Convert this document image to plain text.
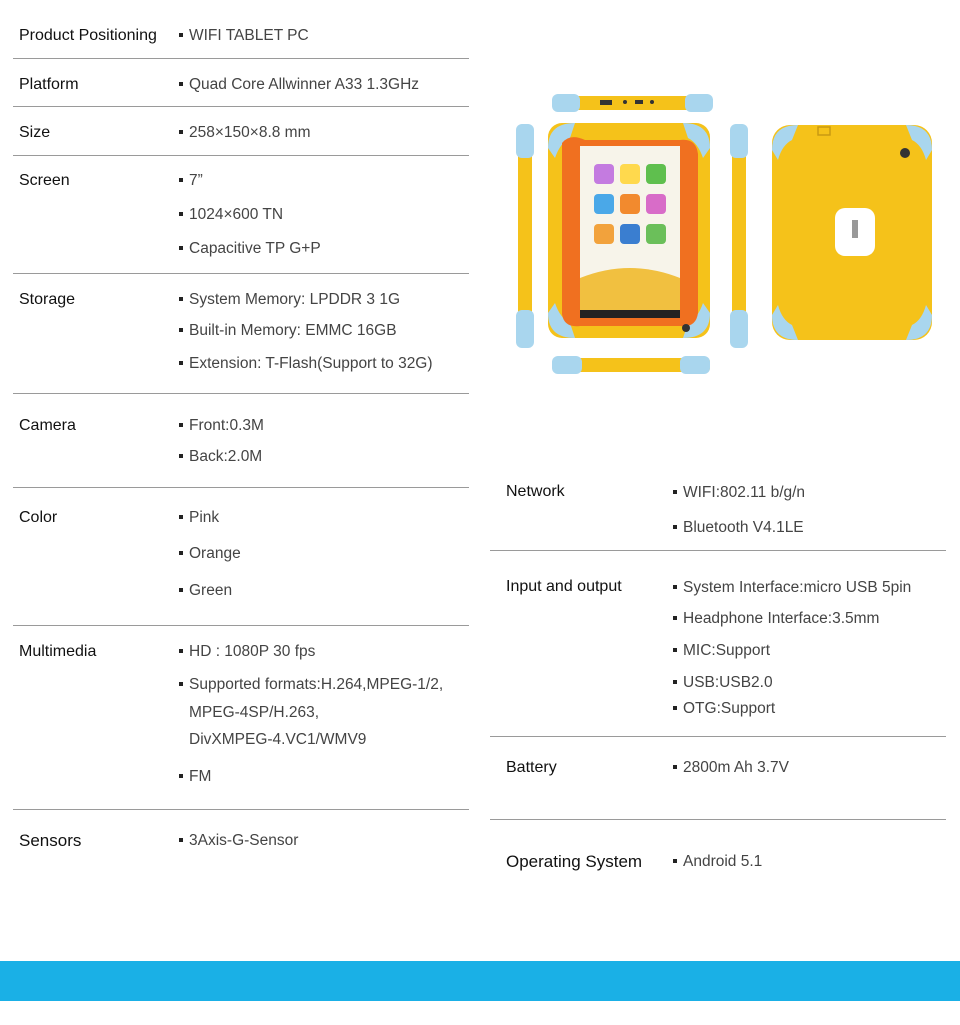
Product Positioning	WIFI TABLET PC
Platform	Quad Core Allwinner A33 1.3GHz
Size	258×150×8.8 mm
Screen	7”
1024×600 TN
Capacitive TP G+P
Storage	System Memory: LPDDR 3 1G
Built-in Memory: EMMC 16GB
Extension: T-Flash(Support to 32G)
Camera	Front:0.3M
Back:2.0M
Color	Pink
Orange
Green
Multimedia	HD : 1080P 30 fps
Supported formats:H.264,MPEG-1/2,
MPEG-4SP/H.263,
DivXMPEG-4.VC1/WMV9
FM
Sensors	3Axis-G-Sensor
Network	WIFI:802.11 b/g/n
Bluetooth V4.1LE
Input and output	System Interface:micro USB 5pin
Headphone Interface:3.5mm
MIC:Support
USB:USB2.0
OTG:Support
Battery	2800m Ah 3.7V
Operating System	Android 5.1
